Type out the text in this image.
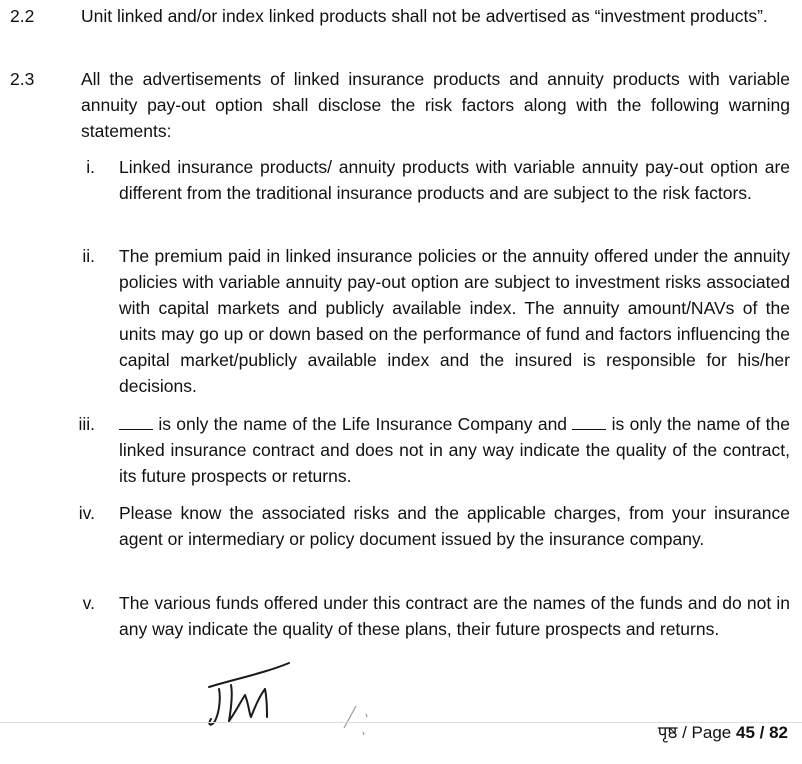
2.2	Unit linked and/or index linked products shall not be advertised as “investment products”.

2.3	All the advertisements of linked insurance products and annuity products with variable annuity pay-out option shall disclose the risk factors along with the following warning statements:

i. Linked insurance products/ annuity products with variable annuity pay-out option are different from the traditional insurance products and are subject to the risk factors.

ii. The premium paid in linked insurance policies or the annuity offered under the annuity policies with variable annuity pay-out option are subject to investment risks associated with capital markets and publicly available index. The annuity amount/NAVs of the units may go up or down based on the performance of fund and factors influencing the capital market/publicly available index and the insured is responsible for his/her decisions.

iii.	is only the name of the Life Insurance Company and	is only the name of the linked insurance contract and does not in any way indicate the quality of the contract, its future prospects or returns.

iv. Please know the associated risks and the applicable charges, from your insurance agent or intermediary or policy document issued by the insurance company.

v. The various funds offered under this contract are the names of the funds and do not in any way indicate the quality of these plans, their future prospects and returns.

पृष्ठ / Page 45 / 82
